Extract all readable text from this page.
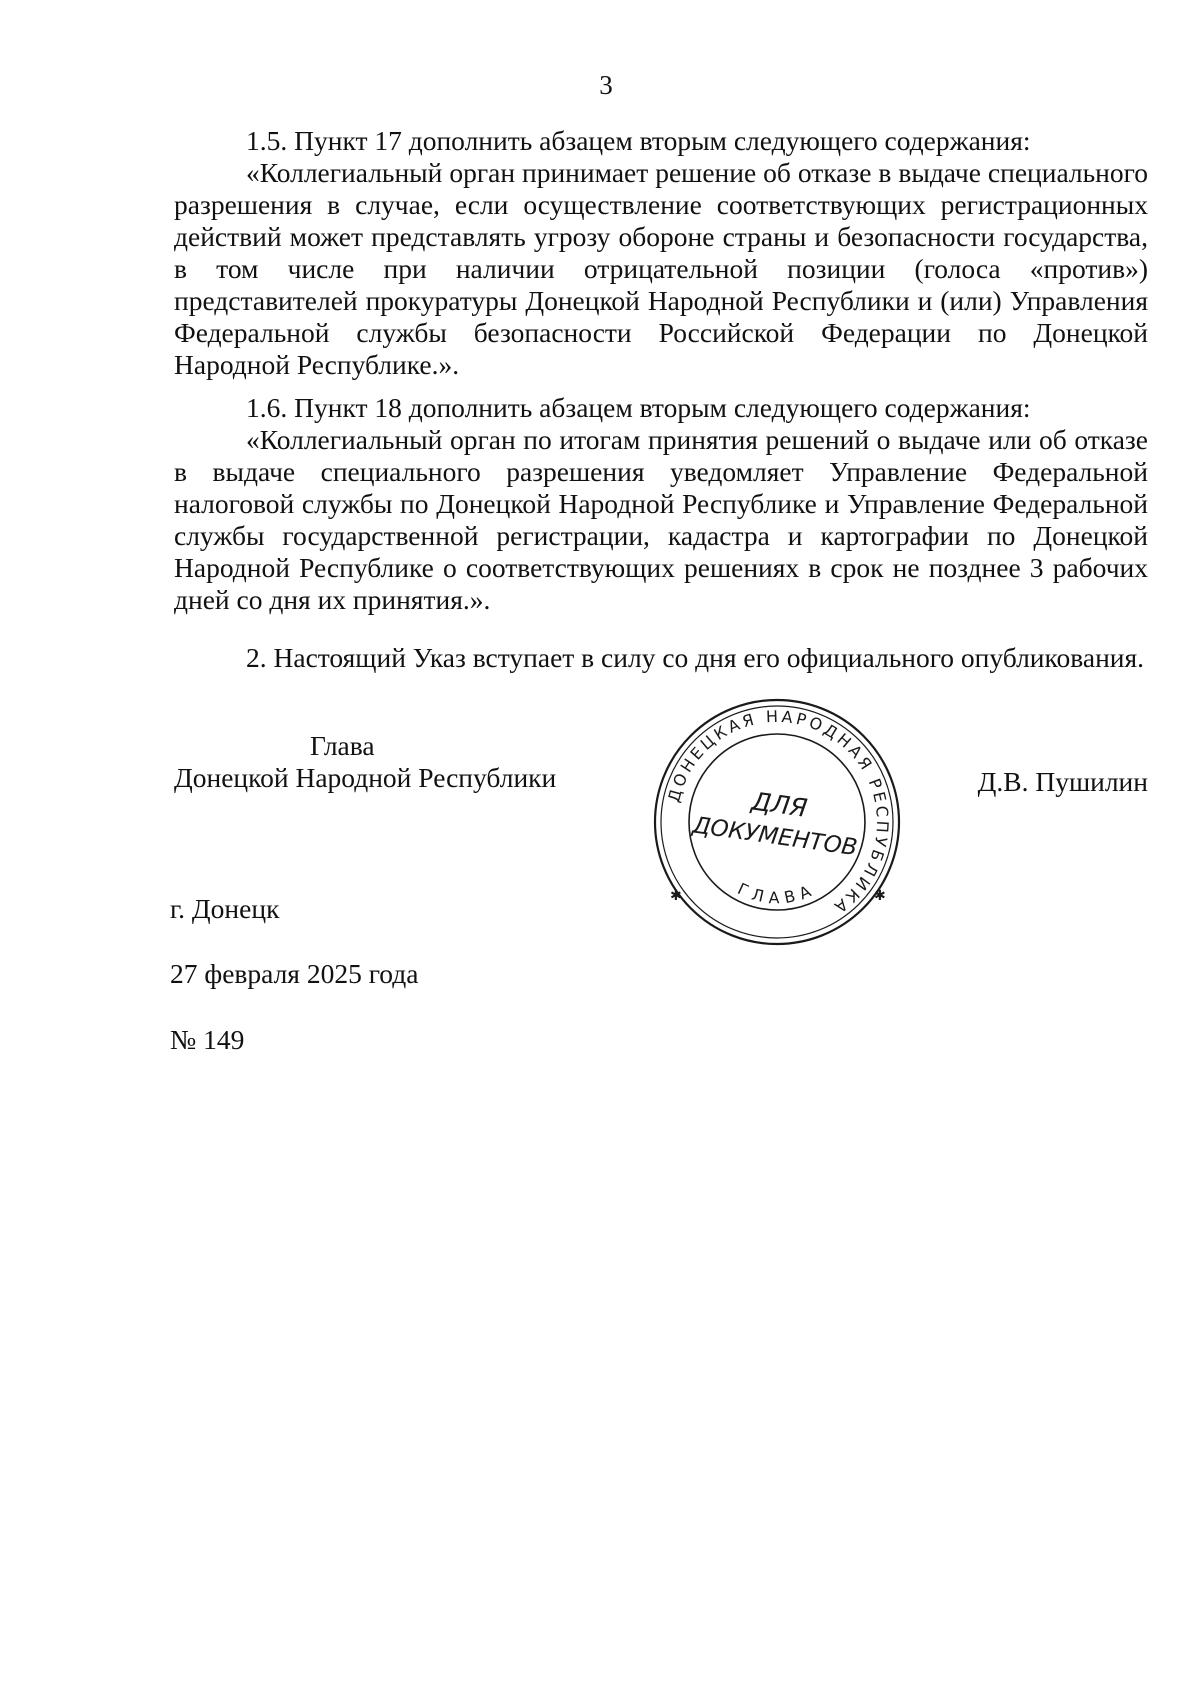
3

1.5. Пункт 17 дополнить абзацем вторым следующего содержания:

«Коллегиальный орган принимает решение об отказе в выдаче специального разрешения в случае, если осуществление соответствующих регистрационных действий может представлять угрозу обороне страны и безопасности государства, в том числе при наличии отрицательной позиции (голоса «против») представителей прокуратуры Донецкой Народной Республики и (или) Управления Федеральной службы безопасности Российской Федерации по Донецкой Народной Республике.».

1.6. Пункт 18 дополнить абзацем вторым следующего содержания:

«Коллегиальный орган по итогам принятия решений о выдаче или об отказе в выдаче специального разрешения уведомляет Управление Федеральной налоговой службы по Донецкой Народной Республике и Управление Федеральной службы государственной регистрации, кадастра и картографии по Донецкой Народной Республике о соответствующих решениях в срок не позднее 3 рабочих дней со дня их принятия.».

2. Настоящий Указ вступает в силу со дня его официального опубликования.

Глава
Донецкой Народной Республики
ДОНЕЦКАЯ НАРОДНАЯ РЕСПУБЛИКА
ГЛАВА
✱	✱
ДЛЯ
ДОКУМЕНТОВ
Д.В. Пушилин
г. Донецк
27 февраля 2025 года
№ 149
